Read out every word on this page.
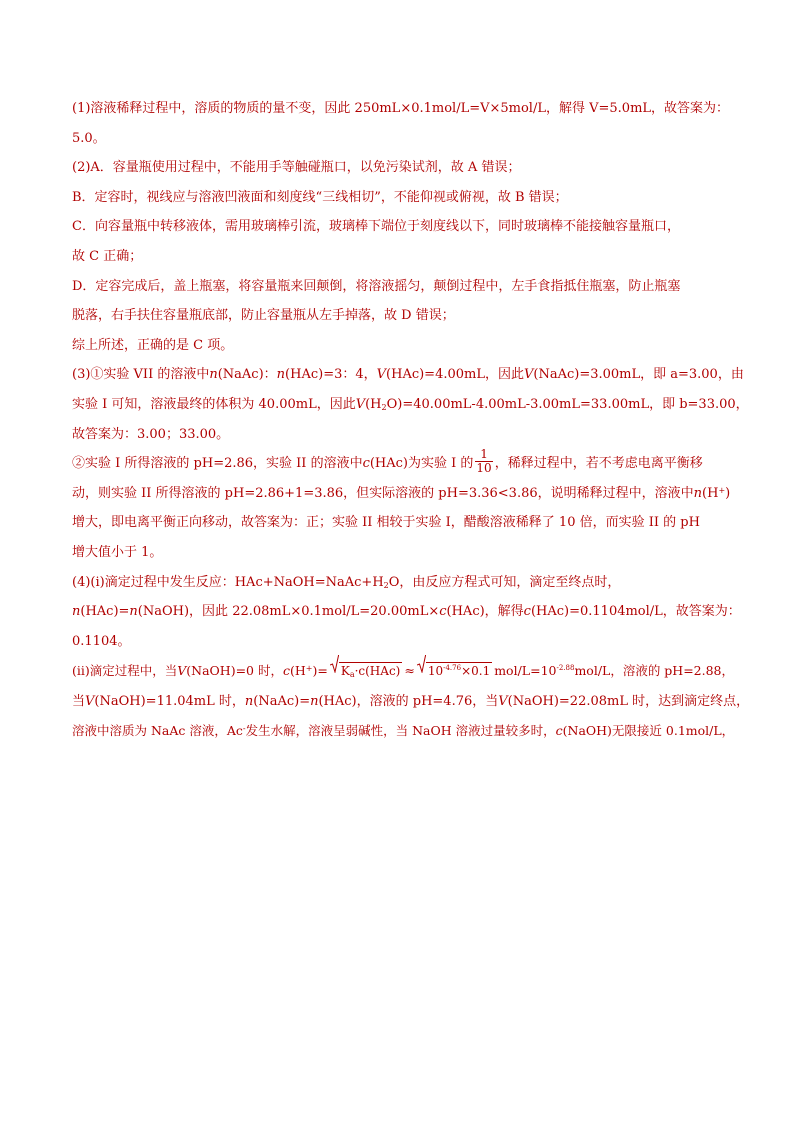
(1)溶液稀释过程中，溶质的物质的量不变，因此 250mL×0.1mol/L=V×5mol/L，解得 V=5.0mL，故答案为：
5.0。
(2)A．容量瓶使用过程中，不能用手等触碰瓶口，以免污染试剂，故 A 错误；
B．定容时，视线应与溶液凹液面和刻度线“三线相切”，不能仰视或俯视，故 B 错误；
C．向容量瓶中转移液体，需用玻璃棒引流，玻璃棒下端位于刻度线以下，同时玻璃棒不能接触容量瓶口，
故 C 正确；
D．定容完成后，盖上瓶塞，将容量瓶来回颠倒，将溶液摇匀，颠倒过程中，左手食指抵住瓶塞，防止瓶塞
脱落，右手扶住容量瓶底部，防止容量瓶从左手掉落，故 D 错误；
综上所述，正确的是 C 项。
(3)①实验 VII 的溶液中n(NaAc)：n(HAc)=3：4，V(HAc)=4.00mL，因此V(NaAc)=3.00mL，即 a=3.00，由
实验 I 可知，溶液最终的体积为 40.00mL，因此$V(H_2O)=40.00mL-4.00mL-3.00mL=33.00mL$，即 b=33.00，
故答案为：3.00；33.00。
②实验 I 所得溶液的 pH=2.86，实验 II 的溶液中c(HAc)为实验 I 的 $\frac{1}{10}$ ，稀释过程中，若不考虑电离平衡移
动，则实验 II 所得溶液的 pH=2.86+1=3.86，但实际溶液的 pH=3.36<3.86，说明稀释过程中，溶液中n(H+)
增大，即电离平衡正向移动，故答案为：正；实验 II 相较于实验 I，醋酸溶液稀释了 10 倍，而实验 II 的 pH
增大值小于 1。
(4)(i)滴定过程中发生反应：$HAc+NaOH=NaAc+H_2O$，由反应方程式可知，滴定至终点时，
n(HAc)=n(NaOH)，因此 22.08mL×0.1mol/L=20.00mL×c(HAc)，解得c(HAc)=0.1104mol/L，故答案为：
0.1104。
(ii)滴定过程中，当V(NaOH)=0 时，$c(H^+)= K_a\cdot c(HAc) \approx 10^{-4.76}\times 0.1$ mol/$L=10^{-2.88}mol/L$，溶液的 pH=2.88，
当V(NaOH)=11.04mL 时，n(NaAc)=n(HAc)，溶液的 pH=4.76，当V(NaOH)=22.08mL 时，达到滴定终点，
溶液中溶质为 NaAc 溶液，Ac-发生水解，溶液呈弱碱性，当 NaOH 溶液过量较多时，c(NaOH)无限接近 0.1mol/L，
